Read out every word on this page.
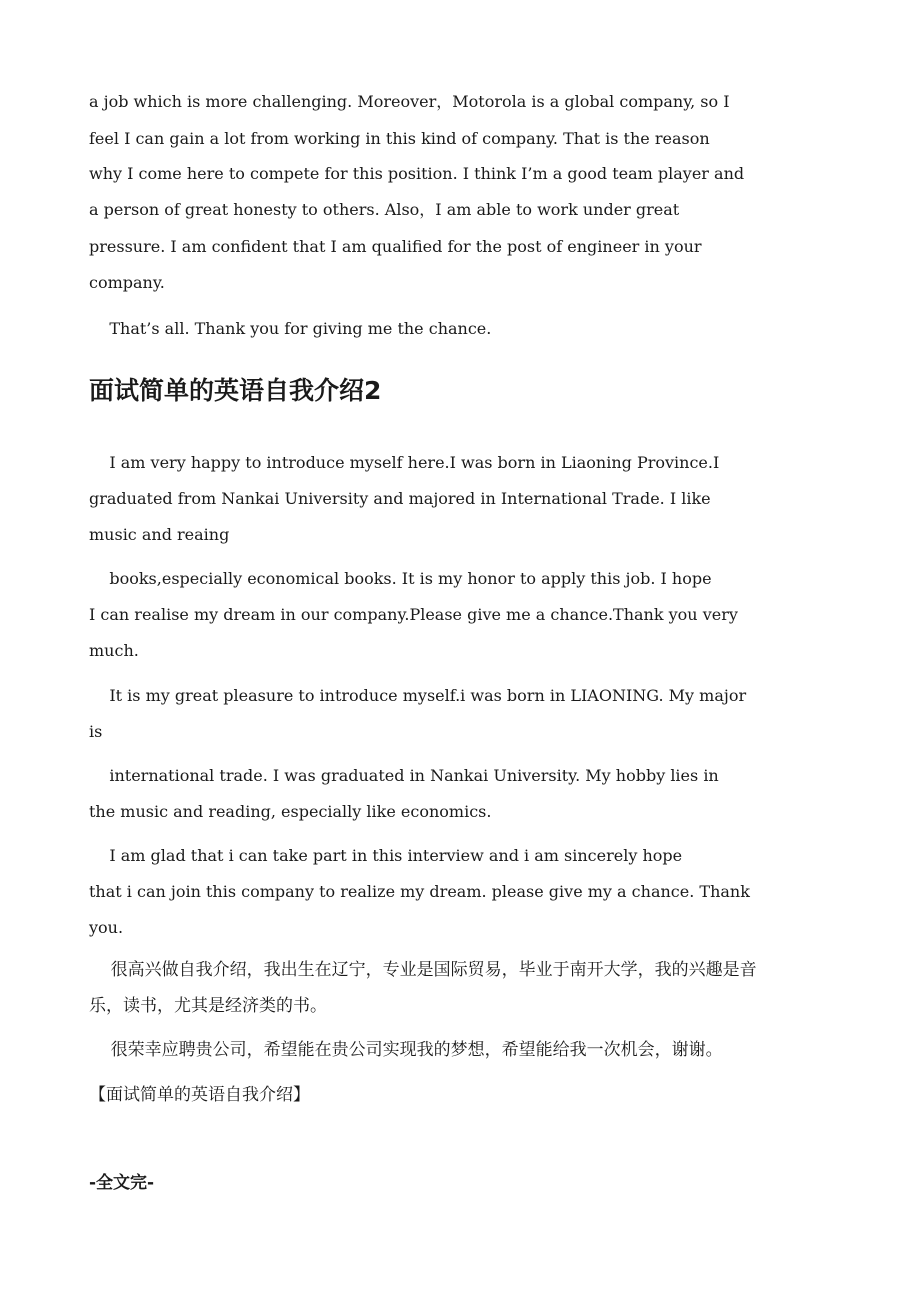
a job which is more challenging. Moreover，Motorola is a global company, so I
feel I can gain a lot from working in this kind of company. That is the reason
why I come here to compete for this position. I think I’m a good team player and
a person of great honesty to others. Also，I am able to work under great
pressure. I am confident that I am qualified for the post of engineer in your
company.
That’s all. Thank you for giving me the chance.
面试简单的英语自我介绍2
I am very happy to introduce myself here.I was born in Liaoning Province.I
graduated from Nankai University and majored in International Trade. I like
music and reaing
books,especially economical books. It is my honor to apply this job. I hope
I can realise my dream in our company.Please give me a chance.Thank you very
much.
It is my great pleasure to introduce myself.i was born in LIAONING. My major
is
international trade. I was graduated in Nankai University. My hobby lies in
the music and reading, especially like economics.
I am glad that i can take part in this interview and i am sincerely hope
that i can join this company to realize my dream. please give my a chance. Thank
you.
很高兴做自我介绍，我出生在辽宁，专业是国际贸易，毕业于南开大学，我的兴趣是音
乐，读书，尤其是经济类的书。
很荣幸应聘贵公司，希望能在贵公司实现我的梦想，希望能给我一次机会，谢谢。
【面试简单的英语自我介绍】
-全文完-
